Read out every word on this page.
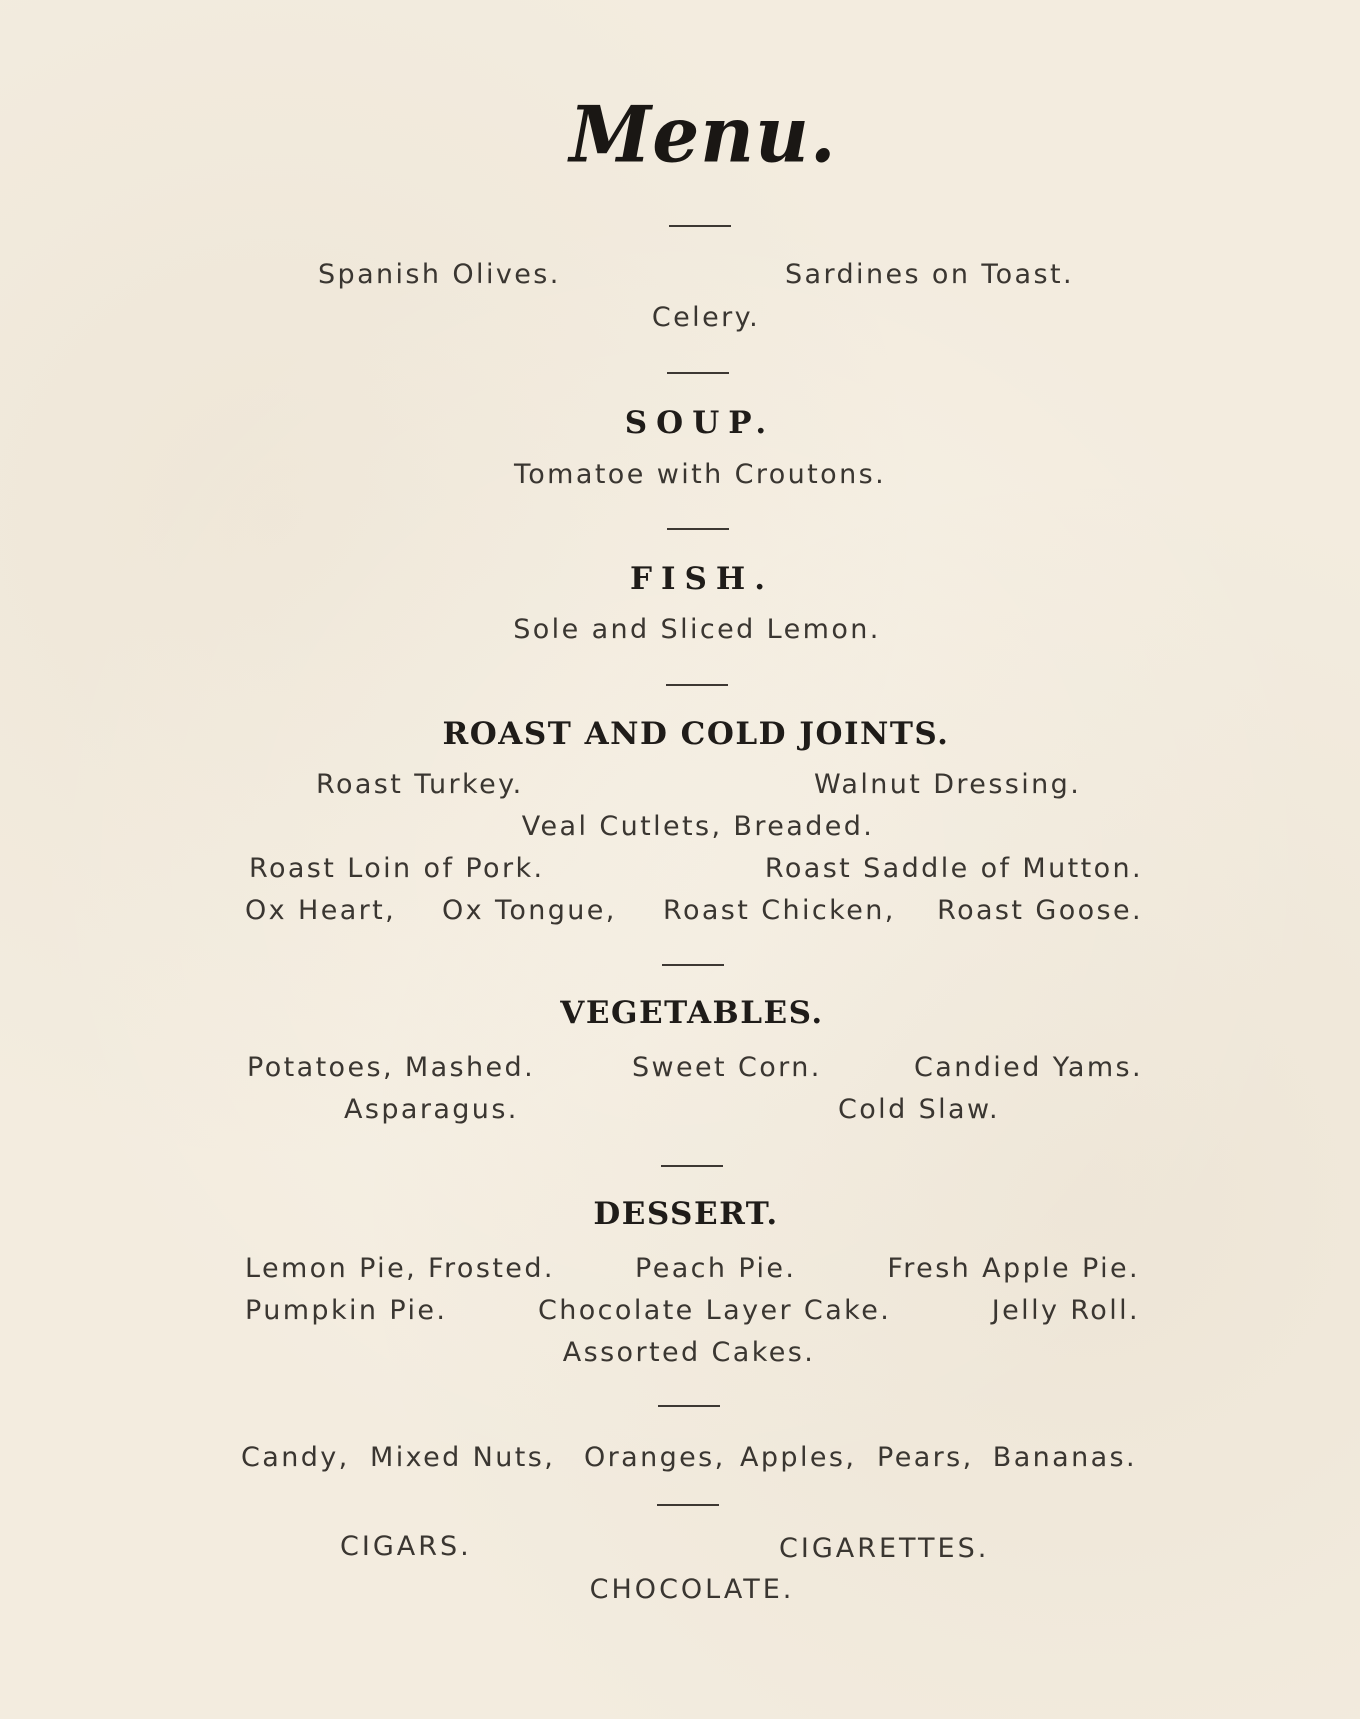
Menu.
Spanish Olives.	Sardines on Toast.
Celery.
SOUP.
Tomatoe with Croutons.
FISH.
Sole and Sliced Lemon.
ROAST AND COLD JOINTS.
Roast Turkey.	Walnut Dressing.
Veal Cutlets, Breaded.
Roast Loin of Pork.	Roast Saddle of Mutton.
Ox Heart, Ox Tongue, Roast Chicken, Roast Goose.
VEGETABLES.
Potatoes, Mashed.	Sweet Corn.	Candied Yams.
Asparagus.	Cold Slaw.
DESSERT.
Lemon Pie, Frosted.	Peach Pie.	Fresh Apple Pie.
Pumpkin Pie.	Chocolate Layer Cake.	Jelly Roll.
Assorted Cakes.
Candy, Mixed Nuts, Oranges, Apples, Pears, Bananas.
CIGARS.	CIGARETTES.
CHOCOLATE.
